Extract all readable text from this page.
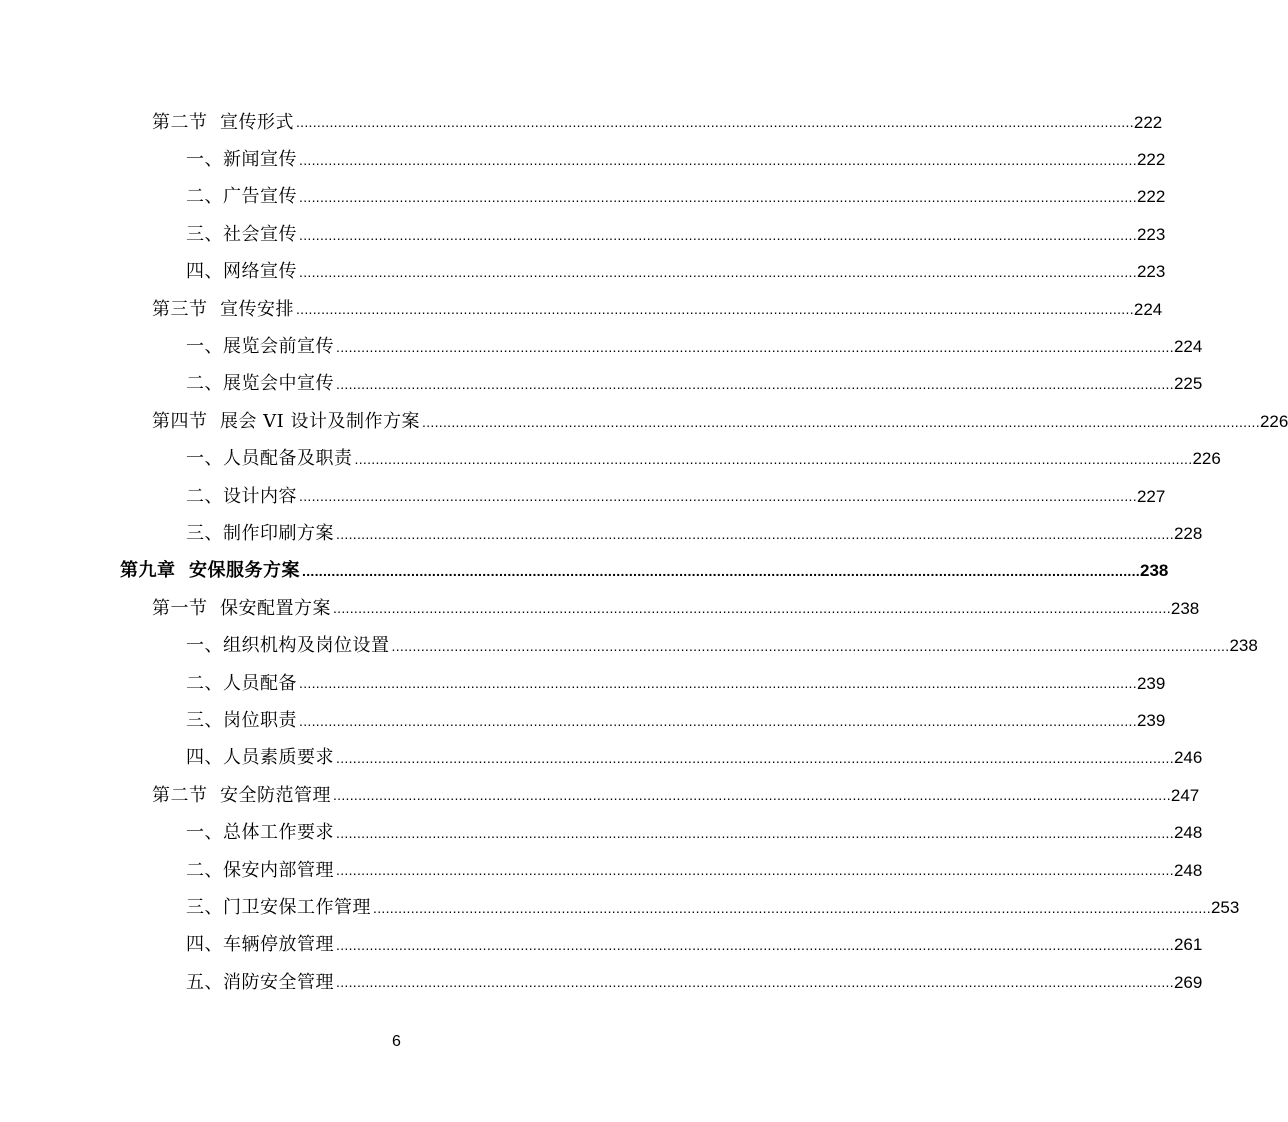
第二节  宣传形式 ........................................................................................................................................................................................................ 222
一、新闻宣传 ........................................................................................................................................................................................................ 222
二、广告宣传 ........................................................................................................................................................................................................ 222
三、社会宣传 ........................................................................................................................................................................................................ 223
四、网络宣传 ........................................................................................................................................................................................................ 223
第三节  宣传安排 ........................................................................................................................................................................................................ 224
一、展览会前宣传 ........................................................................................................................................................................................................ 224
二、展览会中宣传 ........................................................................................................................................................................................................ 225
第四节  展会 VI 设计及制作方案 ........................................................................................................................................................................................................ 226
一、人员配备及职责 ........................................................................................................................................................................................................ 226
二、设计内容 ........................................................................................................................................................................................................ 227
三、制作印刷方案 ........................................................................................................................................................................................................ 228
第九章  安保服务方案 ........................................................................................................................................................................................................ 238
第一节  保安配置方案 ........................................................................................................................................................................................................ 238
一、组织机构及岗位设置 ........................................................................................................................................................................................................ 238
二、人员配备 ........................................................................................................................................................................................................ 239
三、岗位职责 ........................................................................................................................................................................................................ 239
四、人员素质要求 ........................................................................................................................................................................................................ 246
第二节  安全防范管理 ........................................................................................................................................................................................................ 247
一、总体工作要求 ........................................................................................................................................................................................................ 248
二、保安内部管理 ........................................................................................................................................................................................................ 248
三、门卫安保工作管理 ........................................................................................................................................................................................................ 253
四、车辆停放管理 ........................................................................................................................................................................................................ 261
五、消防安全管理 ........................................................................................................................................................................................................ 269
6
